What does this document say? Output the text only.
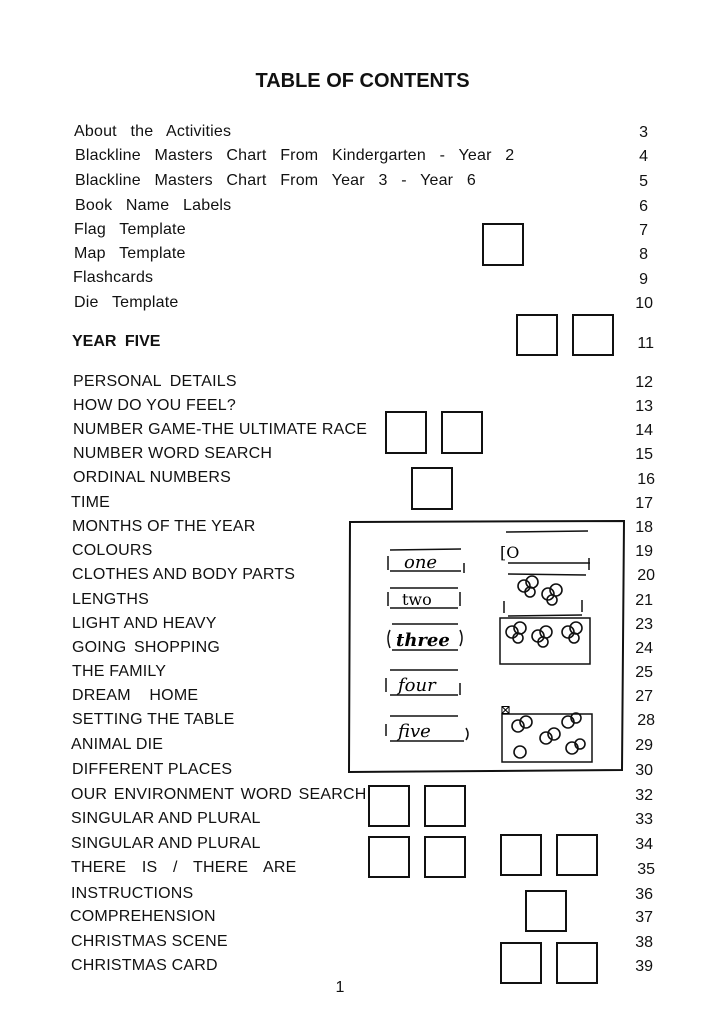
TABLE OF CONTENTS
About the Activities	3
Blackline Masters Chart From Kindergarten - Year 2	4
Blackline Masters Chart From Year 3 - Year 6	5
Book Name Labels	6
Flag Template	7
Map Template	8
Flashcards	9
Die Template	10
YEAR FIVE	11
PERSONAL DETAILS	12
HOW DO YOU FEEL?	13
NUMBER GAME-THE ULTIMATE RACE	14
NUMBER WORD SEARCH	15
ORDINAL NUMBERS	16
TIME	17
MONTHS OF THE YEAR	18
COLOURS	19
CLOTHES AND BODY PARTS	20
LENGTHS	21
LIGHT AND HEAVY	23
GOING SHOPPING	24
THE FAMILY	25
DREAM HOME	27
SETTING THE TABLE	28
ANIMAL DIE	29
DIFFERENT PLACES	30
OUR ENVIRONMENT WORD SEARCH	32
SINGULAR AND PLURAL	33
SINGULAR AND PLURAL	34
THERE IS / THERE ARE	35
INSTRUCTIONS	36
COMPREHENSION	37
CHRISTMAS SCENE	38
CHRISTMAS CARD	39
one
two
three
four
five
[O
⊠
1
